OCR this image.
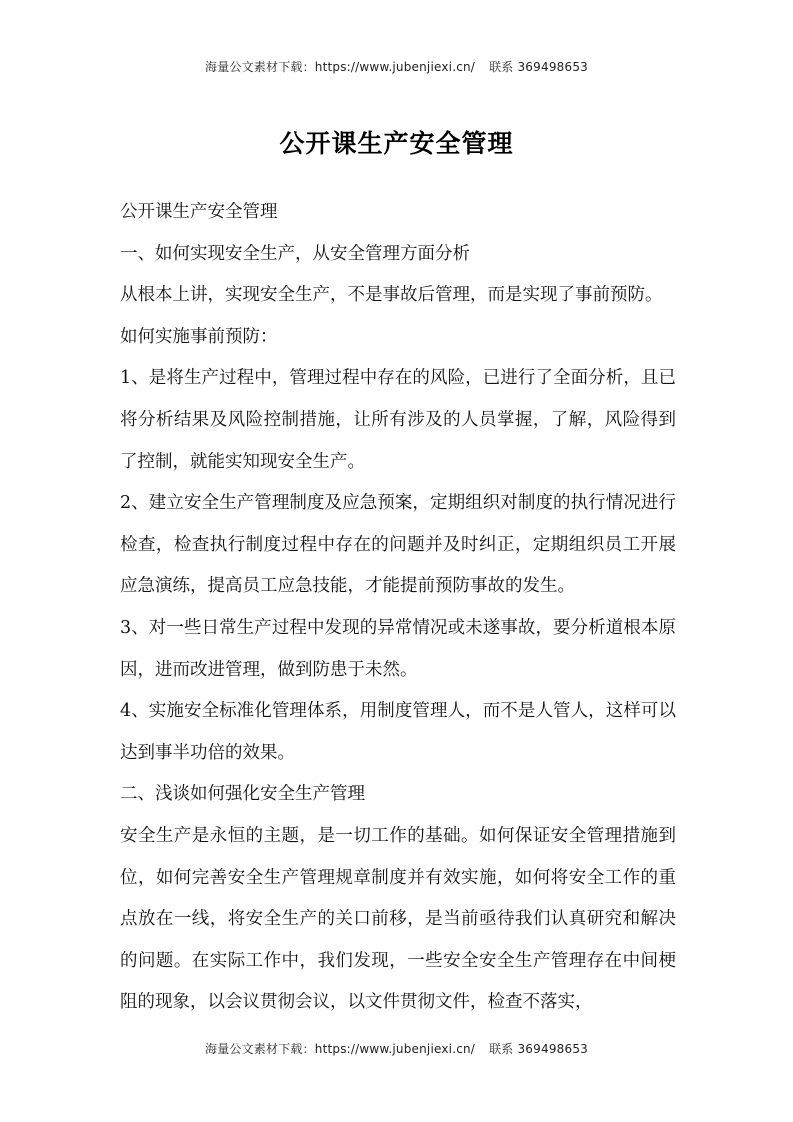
海量公文素材下载：https://www.jubenjiexi.cn/ 联系 369498653
公开课生产安全管理

公开课生产安全管理

一、如何实现安全生产，从安全管理方面分析

从根本上讲，实现安全生产，不是事故后管理，而是实现了事前预防。

如何实施事前预防：

1、是将生产过程中，管理过程中存在的风险，已进行了全面分析，且已将分析结果及风险控制措施，让所有涉及的人员掌握，了解，风险得到了控制，就能实知现安全生产。

2、建立安全生产管理制度及应急预案，定期组织对制度的执行情况进行检查，检查执行制度过程中存在的问题并及时纠正，定期组织员工开展应急演练，提高员工应急技能，才能提前预防事故的发生。

3、对一些日常生产过程中发现的异常情况或未遂事故，要分析道根本原因，进而改进管理，做到防患于未然。

4、实施安全标准化管理体系，用制度管理人，而不是人管人，这样可以达到事半功倍的效果。

二、浅谈如何强化安全生产管理

安全生产是永恒的主题，是一切工作的基础。如何保证安全管理措施到位，如何完善安全生产管理规章制度并有效实施，如何将安全工作的重点放在一线，将安全生产的关口前移，是当前亟待我们认真研究和解决的问题。在实际工作中，我们发现，一些安全安全生产管理存在中间梗阻的现象，以会议贯彻会议，以文件贯彻文件，检查不落实，

海量公文素材下载：https://www.jubenjiexi.cn/ 联系 369498653
